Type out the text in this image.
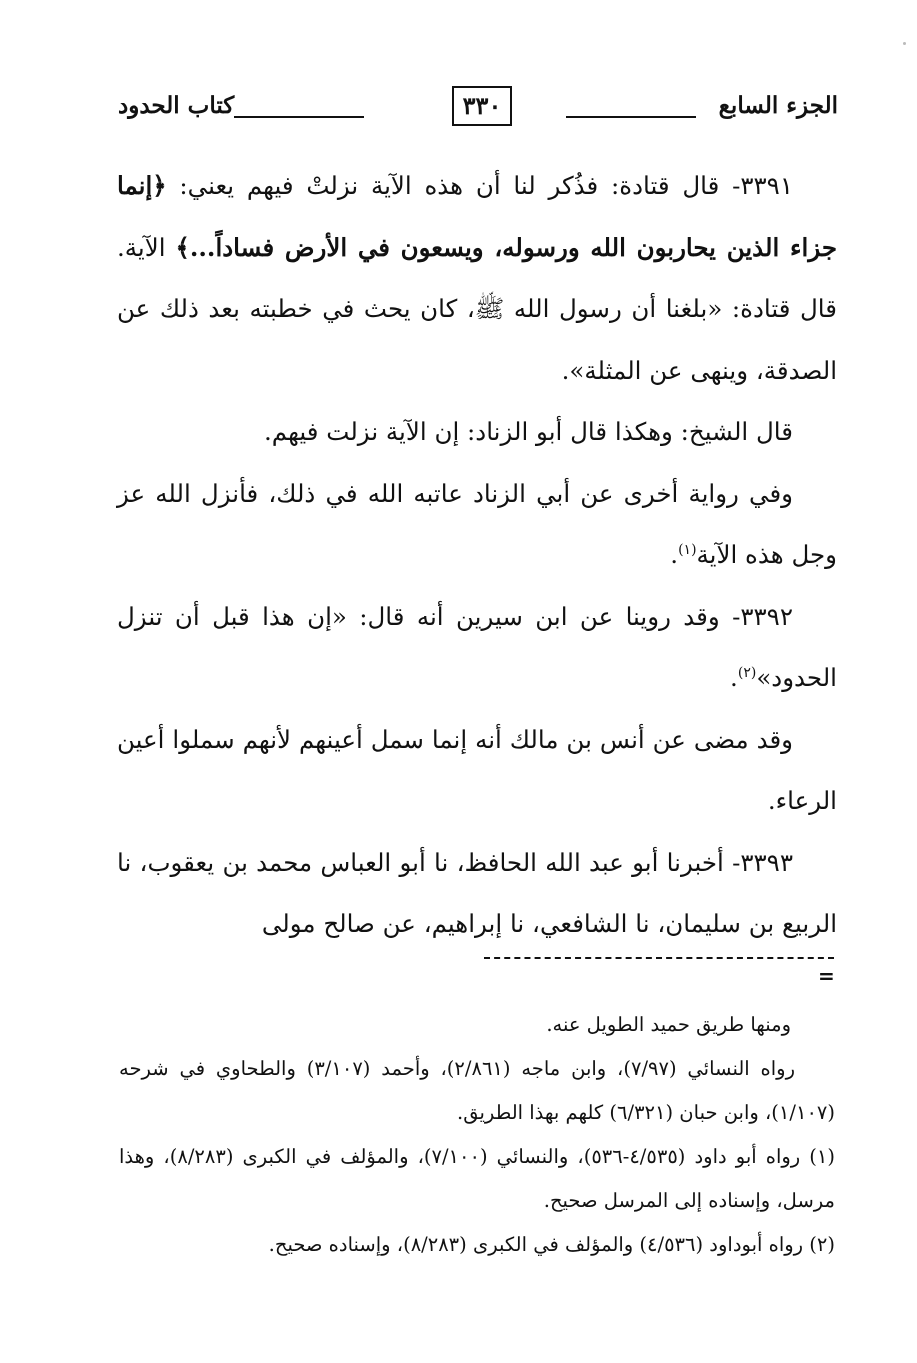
الجزء السابع
٣٣٠
كتاب الحدود

٣٣٩١- قال قتادة: فذُكر لنا أن هذه الآية نزلتْ فيهم يعني: ﴿إنما جزاء الذين يحاربون الله ورسوله، ويسعون في الأرض فساداً...﴾ الآية. قال قتادة: «بلغنا أن رسول الله ﷺ، كان يحث في خطبته بعد ذلك عن الصدقة، وينهى عن المثلة».

قال الشيخ: وهكذا قال أبو الزناد: إن الآية نزلت فيهم.

وفي رواية أخرى عن أبي الزناد عاتبه الله في ذلك، فأنزل الله عز وجل هذه الآية$^{(١)}$.

٣٣٩٢- وقد روينا عن ابن سيرين أنه قال: «إن هذا قبل أن تنزل الحدود»$^{(٢)}$.

وقد مضى عن أنس بن مالك أنه إنما سمل أعينهم لأنهم سملوا أعين الرعاء.

٣٣٩٣- أخبرنا أبو عبد الله الحافظ، نا أبو العباس محمد بن يعقوب، نا الربيع بن سليمان، نا الشافعي، نا إبراهيم، عن صالح مولى

=

ومنها طريق حميد الطويل عنه.

رواه النسائي (٧/٩٧)، وابن ماجه (٢/٨٦١)، وأحمد (٣/١٠٧) والطحاوي في شرحه (١/١٠٧)، وابن حبان (٦/٣٢١) كلهم بهذا الطريق.

(١) رواه أبو داود (٤/٥٣٥-٥٣٦)، والنسائي (٧/١٠٠)، والمؤلف في الكبرى (٨/٢٨٣)، وهذا مرسل، وإسناده إلى المرسل صحيح.

(٢) رواه أبوداود (٤/٥٣٦) والمؤلف في الكبرى (٨/٢٨٣)، وإسناده صحيح.
